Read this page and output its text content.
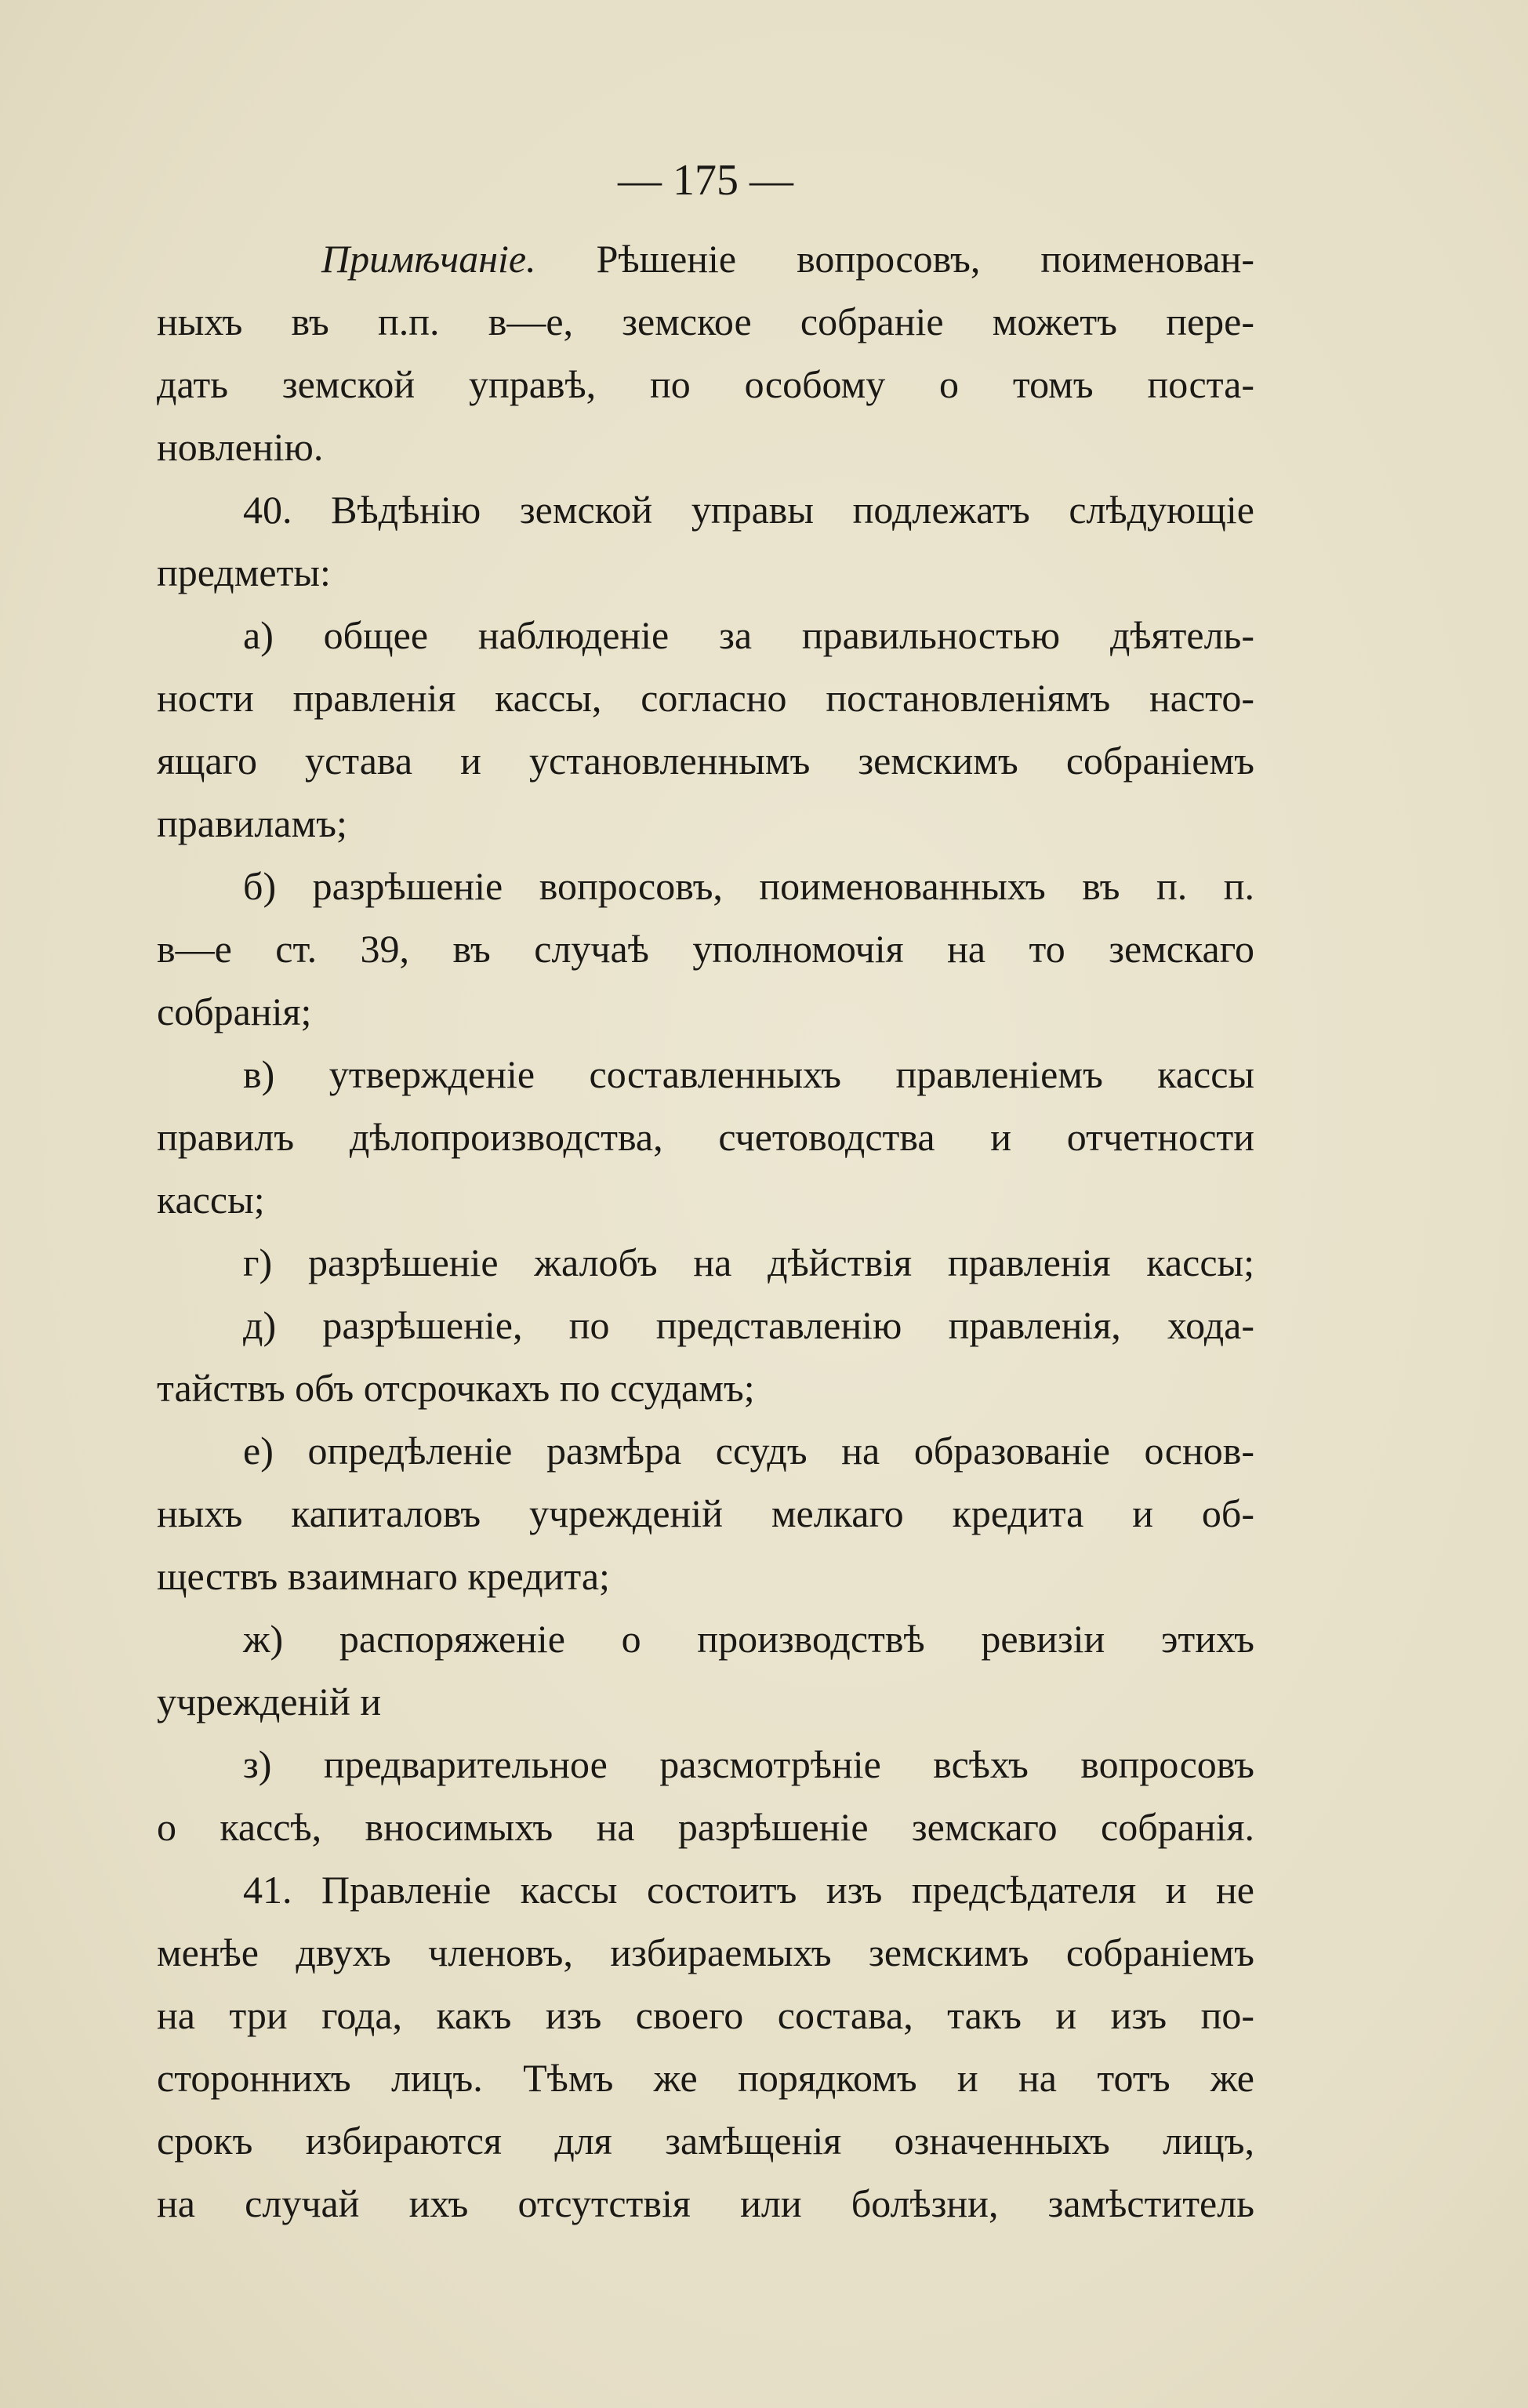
— 175 —
Примѣчаніе. Рѣшеніе вопросовъ, поименован-
ныхъ въ п.п. в—е, земское собраніе можетъ пере-
дать земской управѣ, по особому о томъ поста-
новленію.
40. Вѣдѣнію земской управы подлежатъ слѣдующіе
предметы:
а) общее наблюденіе за правильностью дѣятель-
ности правленія кассы, согласно постановленіямъ насто-
ящаго устава и установленнымъ земскимъ собраніемъ
правиламъ;
б) разрѣшеніе вопросовъ, поименованныхъ въ п. п.
в—е ст. 39, въ случаѣ уполномочія на то земскаго
собранія;
в) утвержденіе составленныхъ правленіемъ кассы
правилъ дѣлопроизводства, счетоводства и отчетности
кассы;
г) разрѣшеніе жалобъ на дѣйствія правленія кассы;
д) разрѣшеніе, по представленію правленія, хода-
тайствъ объ отсрочкахъ по ссудамъ;
е) опредѣленіе размѣра ссудъ на образованіе основ-
ныхъ капиталовъ учрежденій мелкаго кредита и об-
ществъ взаимнаго кредита;
ж) распоряженіе о производствѣ ревизіи этихъ
учрежденій и
з) предварительное разсмотрѣніе всѣхъ вопросовъ
о кассѣ, вносимыхъ на разрѣшеніе земскаго собранія.
41. Правленіе кассы состоитъ изъ предсѣдателя и не
менѣе двухъ членовъ, избираемыхъ земскимъ собраніемъ
на три года, какъ изъ своего состава, такъ и изъ по-
стороннихъ лицъ. Тѣмъ же порядкомъ и на тотъ же
срокъ избираются для замѣщенія означенныхъ лицъ,
на случай ихъ отсутствія или болѣзни, замѣститель
